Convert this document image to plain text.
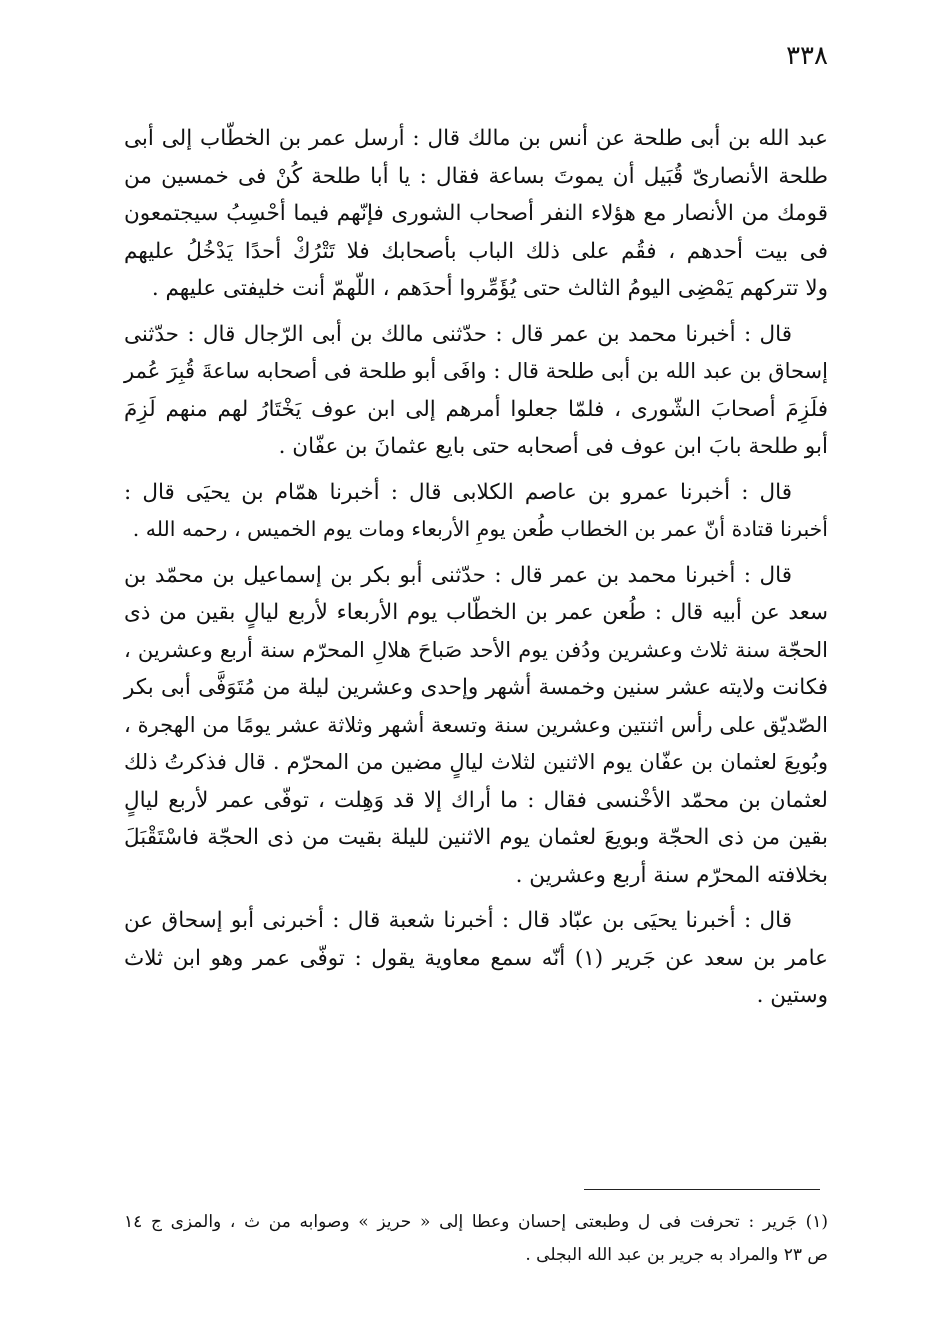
٣٣٨

عبد الله بن أبى طلحة عن أنس بن مالك قال : أرسل عمر بن الخطّاب إلى أبى
طلحة الأنصارىّ قُبَيل أن يموتَ بساعة فقال : يا أبا طلحة كُنْ فى خمسين من
قومك من الأنصار مع هؤلاء النفر أصحاب الشورى فإنّهم فيما أحْسِبُ سيجتمعون
فى بيت أحدهم ، فقُم على ذلك الباب بأصحابك فلا تَتْرُكْ أحدًا يَدْخُلُ عليهم
ولا تتركهم يَمْضِى اليومُ الثالث حتى يُؤَمِّروا أحدَهم ، اللّهمّ أنت خليفتى عليهم .

قال : أخبرنا محمد بن عمر قال : حدّثنى مالك بن أبى الرّجال قال : حدّثنى
إسحاق بن عبد الله بن أبى طلحة قال : وافَى أبو طلحة فى أصحابه ساعةَ قُبِرَ عُمر
فلَزِمَ أصحابَ الشّورى ، فلمّا جعلوا أمرهم إلى ابن عوف يَخْتَارُ لهم منهم لَزِمَ
أبو طلحة بابَ ابن عوف فى أصحابه حتى بايع عثمانَ بن عفّان .

قال : أخبرنا عمرو بن عاصم الكلابى قال : أخبرنا همّام بن يحيَى قال :
أخبرنا قتادة أنّ عمر بن الخطاب طُعن يومِ الأربعاء ومات يوم الخميس ، رحمه الله .

قال : أخبرنا محمد بن عمر قال : حدّثنى أبو بكر بن إسماعيل بن محمّد بن
سعد عن أبيه قال : طُعن عمر بن الخطّاب يوم الأربعاء لأربع ليالٍ بقين من ذى
الحجّة سنة ثلاث وعشرين ودُفن يوم الأحد صَباحَ هلالِ المحرّم سنة أربع وعشرين ،
فكانت ولايته عشر سنين وخمسة أشهر وإحدى وعشرين ليلة من مُتَوَفَّى أبى بكر
الصّديّق على رأس اثنتين وعشرين سنة وتسعة أشهر وثلاثة عشر يومًا من الهجرة ،
وبُويعَ لعثمان بن عفّان يوم الاثنين لثلاث ليالٍ مضين من المحرّم . قال فذكرتُ ذلك
لعثمان بن محمّد الأخْنسى فقال : ما أراك إلا قد وَهِلت ، توفّى عمر لأربع ليالٍ
بقين من ذى الحجّة وبويعَ لعثمان يوم الاثنين لليلة بقيت من ذى الحجّة فاسْتَقْبَلَ
بخلافته المحرّم سنة أربع وعشرين .

قال : أخبرنا يحيَى بن عبّاد قال : أخبرنا شعبة قال : أخبرنى أبو إسحاق عن
عامر بن سعد عن جَرير (١) أنّه سمع معاوية يقول : توفّى عمر وهو ابن ثلاث
وستين .

(١) جَرير : تحرفت فى ل وطبعتى إحسان وعطا إلى « حريز » وصوابه من ث ، والمزى ج ١٤
ص ٢٣ والمراد به جرير بن عبد الله البجلى .
